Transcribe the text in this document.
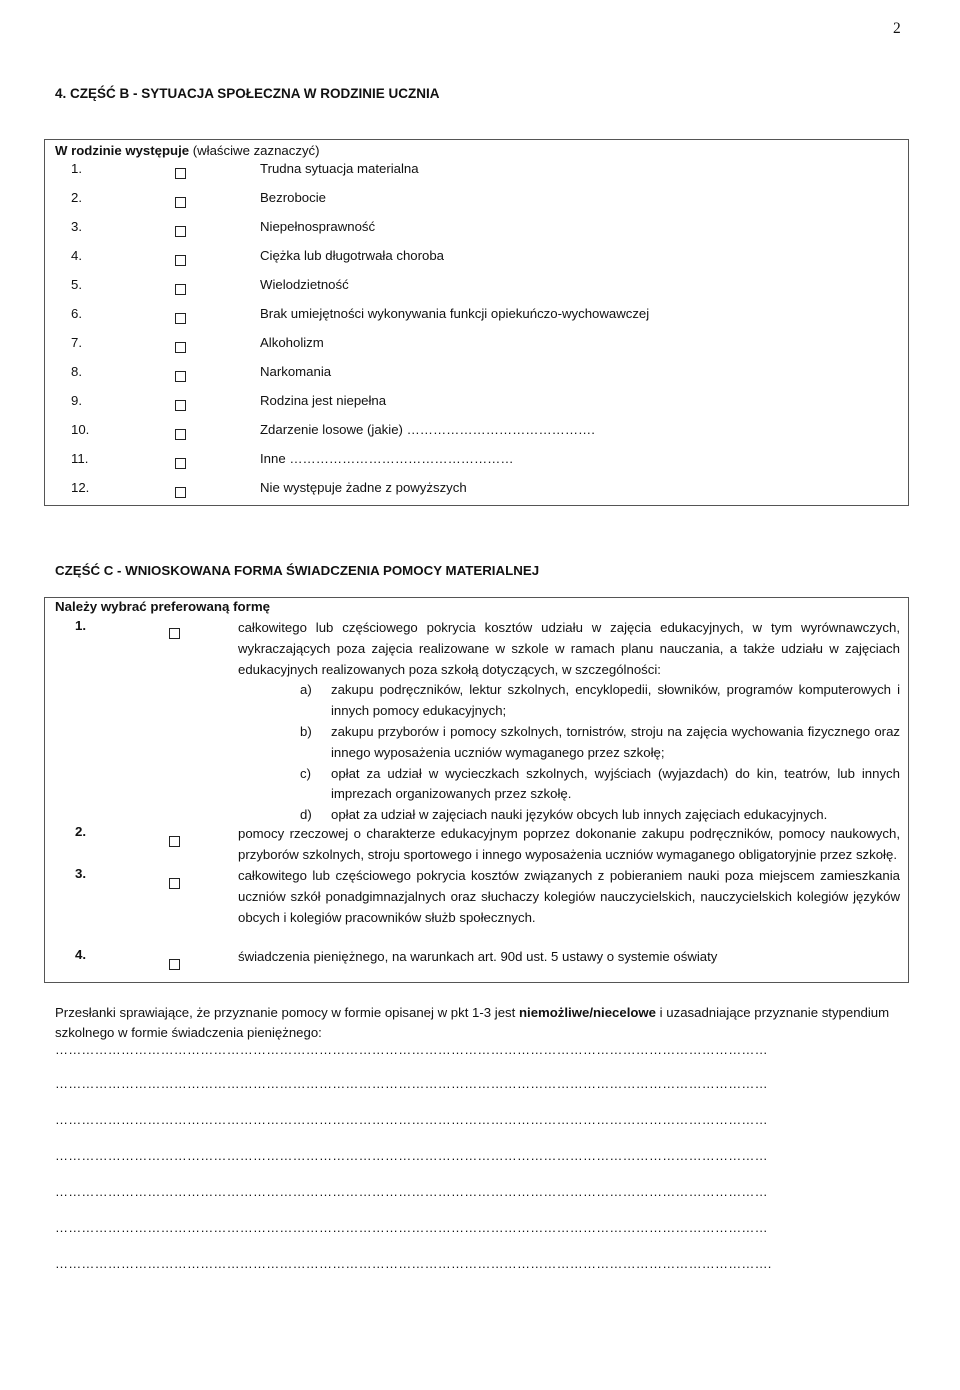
2
4. CZĘŚĆ B - SYTUACJA SPOŁECZNA W RODZINIE UCZNIA
W rodzinie występuje (właściwe zaznaczyć)
1.	Trudna sytuacja materialna
2.	Bezrobocie
3.	Niepełnosprawność
4.	Ciężka lub długotrwała choroba
5.	Wielodzietność
6.	Brak umiejętności wykonywania funkcji opiekuńczo-wychowawczej
7.	Alkoholizm
8.	Narkomania
9.	Rodzina jest niepełna
10.	Zdarzenie losowe (jakie) …………………………………….
11.	Inne ……………………………………………
12.	Nie występuje żadne z powyższych
CZĘŚĆ C - WNIOSKOWANA FORMA ŚWIADCZENIA POMOCY MATERIALNEJ
Należy wybrać preferowaną formę
1.	całkowitego lub częściowego pokrycia kosztów udziału w zajęcia edukacyjnych, w tym wyrównawczych, wykraczających poza zajęcia realizowane w szkole w ramach planu nauczania, a także udziału w zajęciach edukacyjnych realizowanych poza szkołą dotyczących, w szczególności:

a) zakupu podręczników, lektur szkolnych, encyklopedii, słowników, programów komputerowych i innych pomocy edukacyjnych;
b) zakupu przyborów i pomocy szkolnych, tornistrów, stroju na zajęcia wychowania fizycznego oraz innego wyposażenia uczniów wymaganego przez szkołę;
c) opłat za udział w wycieczkach szkolnych, wyjściach (wyjazdach) do kin, teatrów, lub innych imprezach organizowanych przez szkołę.
d) opłat za udział w zajęciach nauki języków obcych lub innych zajęciach edukacyjnych.
2.	pomocy rzeczowej o charakterze edukacyjnym poprzez dokonanie zakupu podręczników, pomocy naukowych, przyborów szkolnych, stroju sportowego i innego wyposażenia uczniów wymaganego obligatoryjnie przez szkołę.

3.	całkowitego lub częściowego pokrycia kosztów związanych z pobieraniem nauki poza miejscem zamieszkania uczniów szkół ponadgimnazjalnych oraz słuchaczy kolegiów nauczycielskich, nauczycielskich kolegiów języków obcych i kolegiów pracowników służb społecznych.

4.	świadczenia pieniężnego, na warunkach art. 90d ust. 5 ustawy o systemie oświaty

Przesłanki sprawiające, że przyznanie pomocy w formie opisanej w pkt 1-3 jest niemożliwe/niecelowe i uzasadniające przyznanie stypendium szkolnego w formie świadczenia pieniężnego:
………………………………………………………………………………………………………………………………………………
………………………………………………………………………………………………………………………………………………
………………………………………………………………………………………………………………………………………………
………………………………………………………………………………………………………………………………………………
………………………………………………………………………………………………………………………………………………
………………………………………………………………………………………………………………………………………………
……………………………………………………………………………………………………………………………………………….
